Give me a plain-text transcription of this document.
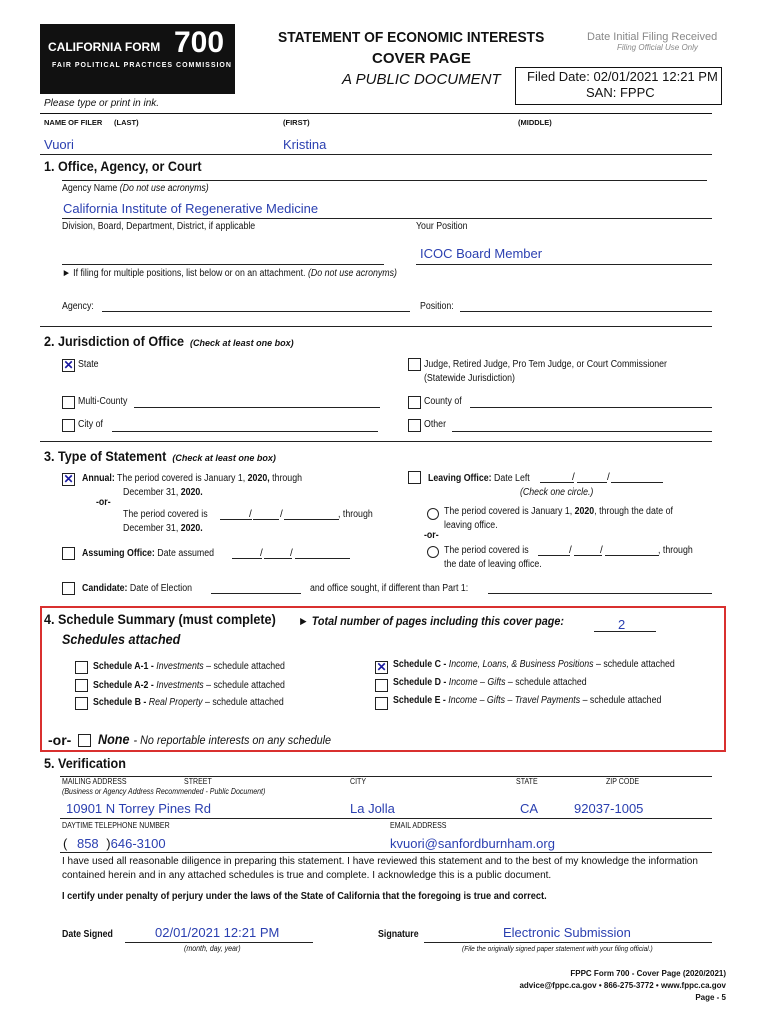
CALIFORNIA FORM 700
FAIR POLITICAL PRACTICES COMMISSION
STATEMENT OF ECONOMIC INTERESTS
COVER PAGE
A PUBLIC DOCUMENT
Date Initial Filing Received
Filing Official Use Only
Filed Date: 02/01/2021 12:21 PM
SAN: FPPC
Please type or print in ink.
NAME OF FILER (LAST)	(FIRST)	(MIDDLE)
Vuori	Kristina
1. Office, Agency, or Court
Agency Name (Do not use acronyms)
California Institute of Regenerative Medicine
Division, Board, Department, District, if applicable	Your Position
ICOC Board Member
► If filing for multiple positions, list below or on an attachment. (Do not use acronyms)
Agency:	Position:
2. Jurisdiction of Office (Check at least one box)
✕ State	Judge, Retired Judge, Pro Tem Judge, or Court Commissioner
(Statewide Jurisdiction)
Multi-County	County of
City of	Other
3. Type of Statement (Check at least one box)
✕ Annual: The period covered is January 1, 2020, through
December 31, 2020.
-or-
The period covered is	/	/	, through
December 31, 2020.
Leaving Office: Date Left	/	/
(Check one circle.)
The period covered is January 1, 2020, through the date of
leaving office.
-or-
The period covered is	/	/	, through
the date of leaving office.
Assuming Office: Date assumed	/	/
Candidate: Date of Election	and office sought, if different than Part 1:
4. Schedule Summary (must complete) ► Total number of pages including this cover page:	2
Schedules attached
Schedule A-1 - Investments – schedule attached
Schedule A-2 - Investments – schedule attached
Schedule B - Real Property – schedule attached
✕ Schedule C - Income, Loans, & Business Positions – schedule attached
Schedule D - Income – Gifts – schedule attached
Schedule E - Income – Gifts – Travel Payments – schedule attached
-or- None - No reportable interests on any schedule
5. Verification
MAILING ADDRESS	STREET
(Business or Agency Address Recommended - Public Document)
CITY	STATE	ZIP CODE
10901 N Torrey Pines Rd	La Jolla	CA	92037-1005
DAYTIME TELEPHONE NUMBER	EMAIL ADDRESS
( 858 )646-3100	kvuori@sanfordburnham.org
I have used all reasonable diligence in preparing this statement. I have reviewed this statement and to the best of my knowledge the information contained herein and in any attached schedules is true and complete. I acknowledge this is a public document.
I certify under penalty of perjury under the laws of the State of California that the foregoing is true and correct.
Date Signed	02/01/2021 12:21 PM
(month, day, year)
Signature	Electronic Submission
(File the originally signed paper statement with your filing official.)
FPPC Form 700 - Cover Page (2020/2021)
advice@fppc.ca.gov • 866-275-3772 • www.fppc.ca.gov
Page - 5
